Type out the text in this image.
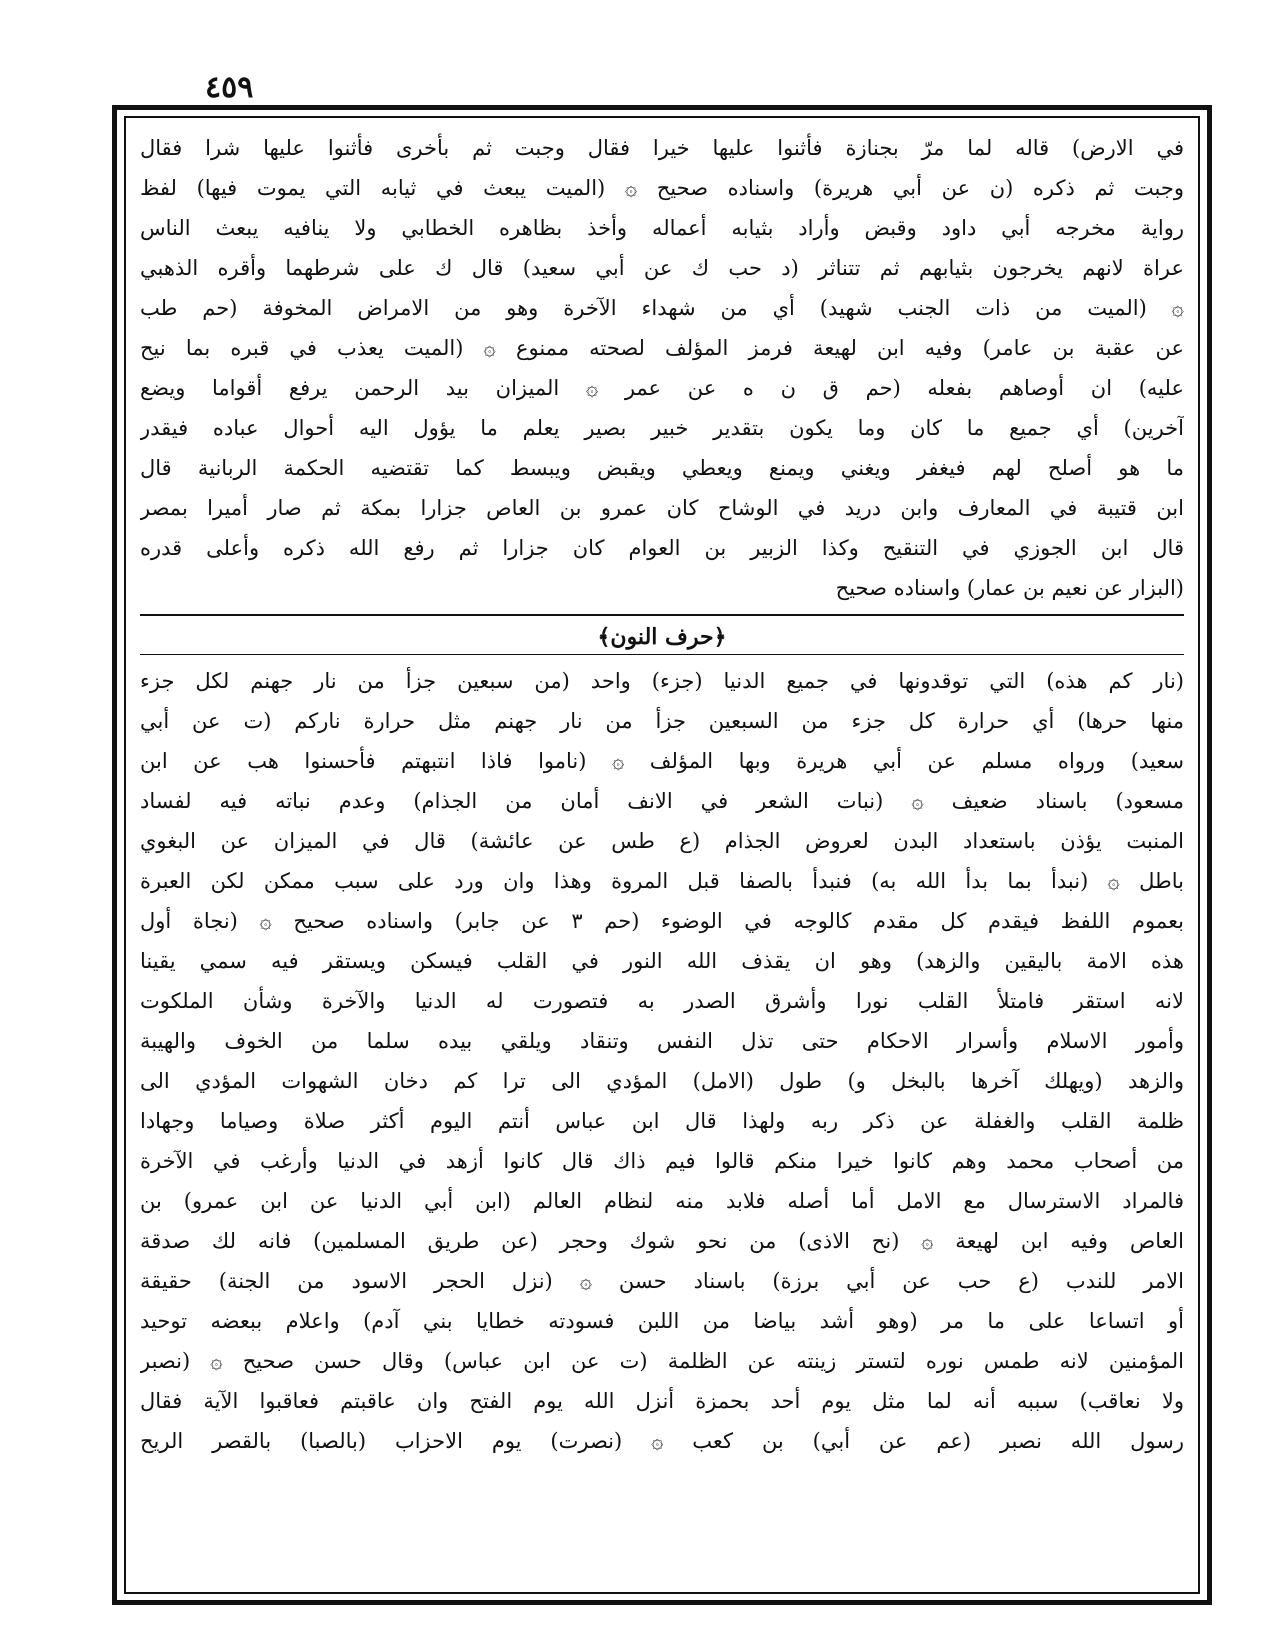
٤٥٩
في الارض) قاله لما مرّ بجنازة فأثنوا عليها خيرا فقال وجبت ثم بأخرى فأثنوا عليها شرا فقال
وجبت ثم ذكره (ن عن أبي هريرة) واسناده صحيح ۞ (الميت يبعث في ثيابه التي يموت فيها) لفظ
رواية مخرجه أبي داود وقبض وأراد بثيابه أعماله وأخذ بظاهره الخطابي ولا ينافيه يبعث الناس
عراة لانهم يخرجون بثيابهم ثم تتناثر (د حب ك عن أبي سعيد) قال ك على شرطهما وأقره الذهبي
۞ (الميت من ذات الجنب شهيد) أي من شهداء الآخرة وهو من الامراض المخوفة (حم طب
عن عقبة بن عامر) وفيه ابن لهيعة فرمز المؤلف لصحته ممنوع ۞ (الميت يعذب في قبره بما نيح
عليه) ان أوصاهم بفعله (حم ق ن ه عن عمر ۞ الميزان بيد الرحمن يرفع أقواما ويضع
آخرين) أي جميع ما كان وما يكون بتقدير خبير بصير يعلم ما يؤول اليه أحوال عباده فيقدر
ما هو أصلح لهم فيغفر ويغني ويمنع ويعطي ويقبض ويبسط كما تقتضيه الحكمة الربانية قال
ابن قتيبة في المعارف وابن دريد في الوشاح كان عمرو بن العاص جزارا بمكة ثم صار أميرا بمصر
قال ابن الجوزي في التنقيح وكذا الزبير بن العوام كان جزارا ثم رفع الله ذكره وأعلى قدره
(البزار عن نعيم بن عمار) واسناده صحيح
﴿حرف النون﴾
(نار كم هذه) التي توقدونها في جميع الدنيا (جزء) واحد (من سبعين جزأ من نار جهنم لكل جزء
منها حرها) أي حرارة كل جزء من السبعين جزأ من نار جهنم مثل حرارة ناركم (ت عن أبي
سعيد) ورواه مسلم عن أبي هريرة وبها المؤلف ۞ (ناموا فاذا انتبهتم فأحسنوا هب عن ابن
مسعود) باسناد ضعيف ۞ (نبات الشعر في الانف أمان من الجذام) وعدم نباته فيه لفساد
المنبت يؤذن باستعداد البدن لعروض الجذام (ع طس عن عائشة) قال في الميزان عن البغوي
باطل ۞ (نبدأ بما بدأ الله به) فنبدأ بالصفا قبل المروة وهذا وان ورد على سبب ممكن لكن العبرة
بعموم اللفظ فيقدم كل مقدم كالوجه في الوضوء (حم ٣ عن جابر) واسناده صحيح ۞ (نجاة أول
هذه الامة باليقين والزهد) وهو ان يقذف الله النور في القلب فيسكن ويستقر فيه سمي يقينا
لانه استقر فامتلأ القلب نورا وأشرق الصدر به فتصورت له الدنيا والآخرة وشأن الملكوت
وأمور الاسلام وأسرار الاحكام حتى تذل النفس وتنقاد ويلقي بيده سلما من الخوف والهيبة
والزهد (ويهلك آخرها بالبخل و) طول (الامل) المؤدي الى ترا كم دخان الشهوات المؤدي الى
ظلمة القلب والغفلة عن ذكر ربه ولهذا قال ابن عباس أنتم اليوم أكثر صلاة وصياما وجهادا
من أصحاب محمد وهم كانوا خيرا منكم قالوا فيم ذاك قال كانوا أزهد في الدنيا وأرغب في الآخرة
فالمراد الاسترسال مع الامل أما أصله فلابد منه لنظام العالم (ابن أبي الدنيا عن ابن عمرو) بن
العاص وفيه ابن لهيعة ۞ (نح الاذى) من نحو شوك وحجر (عن طريق المسلمين) فانه لك صدقة
الامر للندب (ع حب عن أبي برزة) باسناد حسن ۞ (نزل الحجر الاسود من الجنة) حقيقة
أو اتساعا على ما مر (وهو أشد بياضا من اللبن فسودته خطايا بني آدم) واعلام ببعضه توحيد
المؤمنين لانه طمس نوره لتستر زينته عن الظلمة (ت عن ابن عباس) وقال حسن صحيح ۞ (نصبر
ولا نعاقب) سببه أنه لما مثل يوم أحد بحمزة أنزل الله يوم الفتح وان عاقبتم فعاقبوا الآية فقال
رسول الله نصبر (عم عن أبي) بن كعب ۞ (نصرت) يوم الاحزاب (بالصبا) بالقصر الريح
